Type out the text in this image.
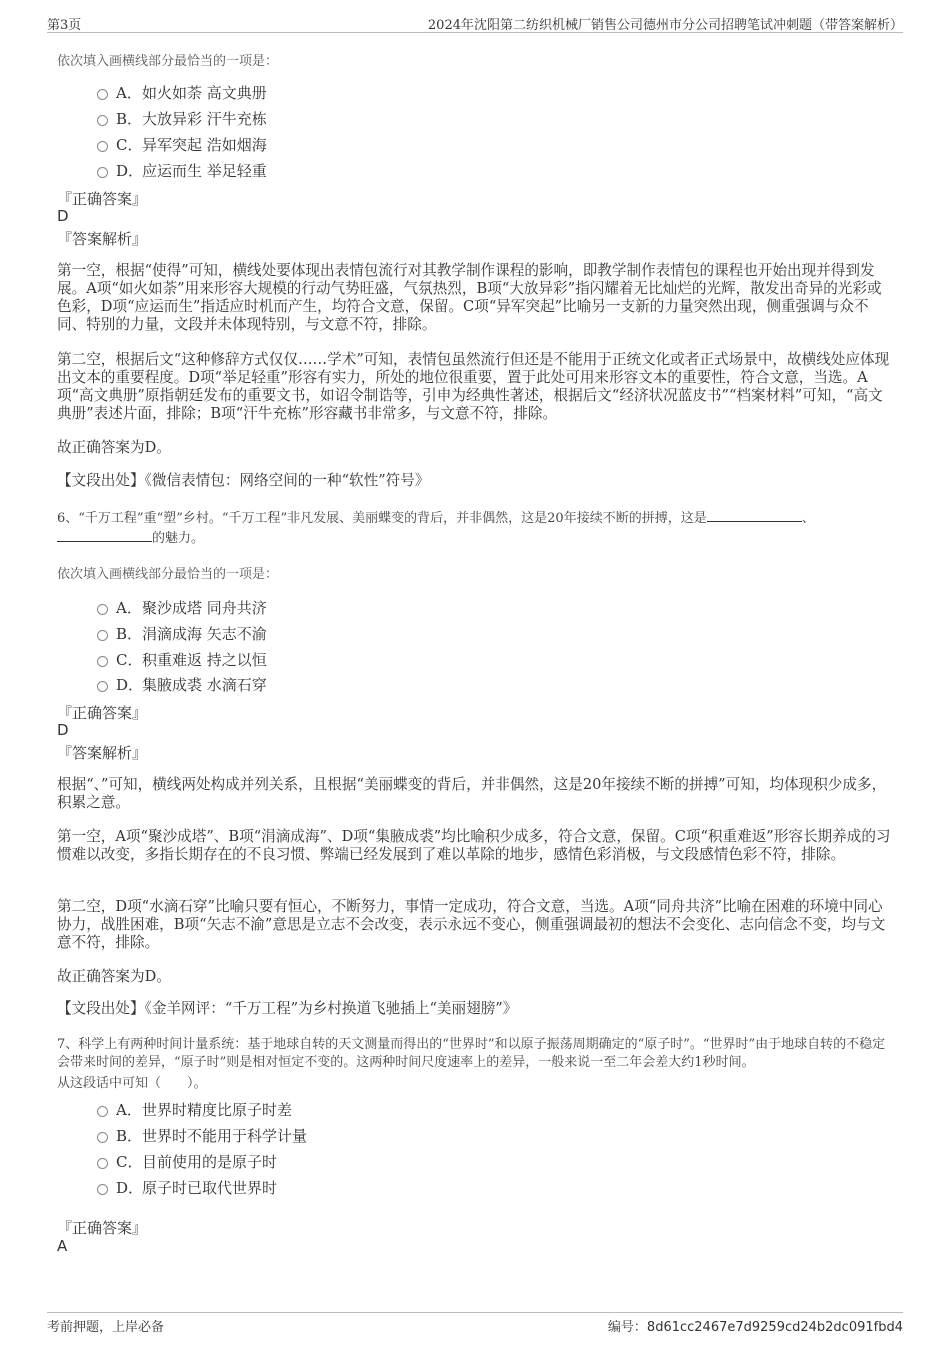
第3页	2024年沈阳第二纺织机械厂销售公司德州市分公司招聘笔试冲刺题（带答案解析）
依次填入画横线部分最恰当的一项是：
A．如火如荼 高文典册
B．大放异彩 汗牛充栋
C．异军突起 浩如烟海
D．应运而生 举足轻重
『正确答案』
D
『答案解析』
第一空，根据“使得”可知，横线处要体现出表情包流行对其教学制作课程的影响，即教学制作表情包的课程也开始出现并得到发展。A项“如火如荼”用来形容大规模的行动气势旺盛，气氛热烈，B项“大放异彩”指闪耀着无比灿烂的光辉，散发出奇异的光彩或色彩，D项“应运而生”指适应时机而产生，均符合文意，保留。C项“异军突起”比喻另一支新的力量突然出现，侧重强调与众不同、特别的力量，文段并未体现特别，与文意不符，排除。
第二空，根据后文“这种修辞方式仅仅……学术”可知，表情包虽然流行但还是不能用于正统文化或者正式场景中，故横线处应体现出文本的重要程度。D项“举足轻重”形容有实力，所处的地位很重要，置于此处可用来形容文本的重要性，符合文意，当选。A项“高文典册”原指朝廷发布的重要文书，如诏令制诰等，引申为经典性著述，根据后文“经济状况蓝皮书”“档案材料”可知，“高文典册”表述片面，排除；B项“汗牛充栋”形容藏书非常多，与文意不符，排除。
故正确答案为D。
【文段出处】《微信表情包：网络空间的一种“软性”符号》
6、“千万工程”重“塑”乡村。“千万工程”非凡发展、美丽蝶变的背后，并非偶然，这是20年接续不断的拼搏，这是	、
的魅力。
依次填入画横线部分最恰当的一项是：
A．聚沙成塔 同舟共济
B．涓滴成海 矢志不渝
C．积重难返 持之以恒
D．集腋成裘 水滴石穿
『正确答案』
D
『答案解析』
根据“、”可知，横线两处构成并列关系，且根据“美丽蝶变的背后，并非偶然，这是20年接续不断的拼搏”可知，均体现积少成多，积累之意。
第一空，A项“聚沙成塔”、B项“涓滴成海”、D项“集腋成裘”均比喻积少成多，符合文意，保留。C项“积重难返”形容长期养成的习惯难以改变，多指长期存在的不良习惯、弊端已经发展到了难以革除的地步，感情色彩消极，与文段感情色彩不符，排除。
第二空，D项“水滴石穿”比喻只要有恒心，不断努力，事情一定成功，符合文意，当选。A项“同舟共济”比喻在困难的环境中同心协力，战胜困难，B项“矢志不渝”意思是立志不会改变，表示永远不变心，侧重强调最初的想法不会变化、志向信念不变，均与文意不符，排除。
故正确答案为D。
【文段出处】《金羊网评：“千万工程”为乡村换道飞驰插上“美丽翅膀”》
7、科学上有两种时间计量系统：基于地球自转的天文测量而得出的“世界时”和以原子振荡周期确定的“原子时”。“世界时”由于地球自转的不稳定会带来时间的差异，“原子时”则是相对恒定不变的。这两种时间尺度速率上的差异，一般来说一至二年会差大约1秒时间。
从这段话中可知（　　）。
A．世界时精度比原子时差
B．世界时不能用于科学计量
C．目前使用的是原子时
D．原子时已取代世界时
『正确答案』
A
考前押题，上岸必备	编号：8d61cc2467e7d9259cd24b2dc091fbd4
